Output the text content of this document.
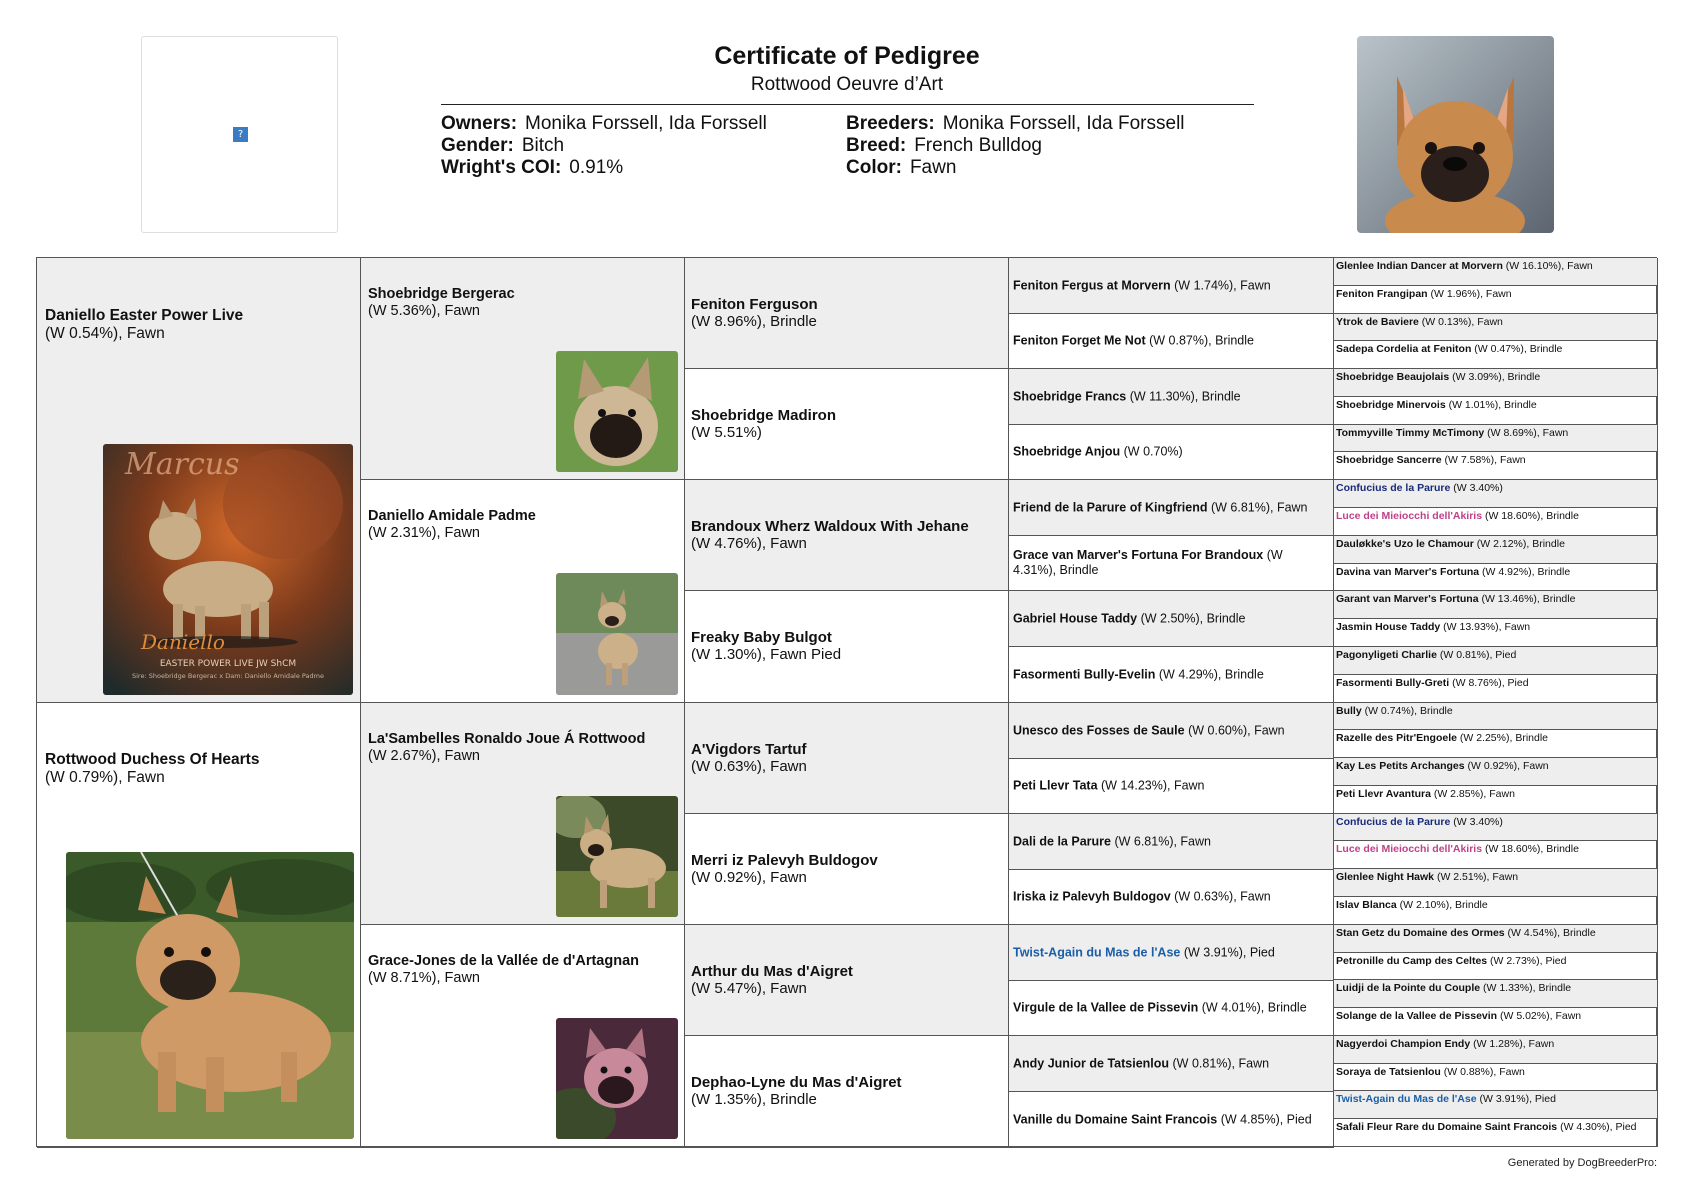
?
Certificate of Pedigree
Rottwood Oeuvre d’Art
Owners: Monika Forssell, Ida Forssell
Gender: Bitch
Wright's COI: 0.91%
Breeders: Monika Forssell, Ida Forssell
Breed: French Bulldog
Color: Fawn
Daniello Easter Power Live
(W 0.54%), Fawn
Marcus
Daniello
EASTER POWER LIVE JW ShCM
Sire: Shoebridge Bergerac x Dam: Daniello Amidale Padme
Rottwood Duchess Of Hearts
(W 0.79%), Fawn
Shoebridge Bergerac
(W 5.36%), Fawn
Daniello Amidale Padme
(W 2.31%), Fawn
La'Sambelles Ronaldo Joue Á Rottwood
(W 2.67%), Fawn
Grace-Jones de la Vallée de d'Artagnan
(W 8.71%), Fawn
Feniton Ferguson
(W 8.96%), Brindle
Shoebridge Madiron
(W 5.51%)
Brandoux Wherz Waldoux With Jehane
(W 4.76%), Fawn
Freaky Baby Bulgot
(W 1.30%), Fawn Pied
A'Vigdors Tartuf
(W 0.63%), Fawn
Merri iz Palevyh Buldogov
(W 0.92%), Fawn
Arthur du Mas d'Aigret
(W 5.47%), Fawn
Dephao-Lyne du Mas d'Aigret
(W 1.35%), Brindle
Feniton Fergus at Morvern (W 1.74%), Fawn
Feniton Forget Me Not (W 0.87%), Brindle
Shoebridge Francs (W 11.30%), Brindle
Shoebridge Anjou (W 0.70%)
Friend de la Parure of Kingfriend (W 6.81%), Fawn
Grace van Marver's Fortuna For Brandoux (W 4.31%), Brindle
Gabriel House Taddy (W 2.50%), Brindle
Fasormenti Bully-Evelin (W 4.29%), Brindle
Unesco des Fosses de Saule (W 0.60%), Fawn
Peti Llevr Tata (W 14.23%), Fawn
Dali de la Parure (W 6.81%), Fawn
Iriska iz Palevyh Buldogov (W 0.63%), Fawn
Twist-Again du Mas de l'Ase (W 3.91%), Pied
Virgule de la Vallee de Pissevin (W 4.01%), Brindle
Andy Junior de Tatsienlou (W 0.81%), Fawn
Vanille du Domaine Saint Francois (W 4.85%), Pied
Glenlee Indian Dancer at Morvern (W 16.10%), Fawn
Feniton Frangipan (W 1.96%), Fawn
Ytrok de Baviere (W 0.13%), Fawn
Sadepa Cordelia at Feniton (W 0.47%), Brindle
Shoebridge Beaujolais (W 3.09%), Brindle
Shoebridge Minervois (W 1.01%), Brindle
Tommyville Timmy McTimony (W 8.69%), Fawn
Shoebridge Sancerre (W 7.58%), Fawn
Confucius de la Parure (W 3.40%)
Luce dei Mieiocchi dell'Akiris (W 18.60%), Brindle
Dauløkke's Uzo le Chamour (W 2.12%), Brindle
Davina van Marver's Fortuna (W 4.92%), Brindle
Garant van Marver's Fortuna (W 13.46%), Brindle
Jasmin House Taddy (W 13.93%), Fawn
Pagonyligeti Charlie (W 0.81%), Pied
Fasormenti Bully-Greti (W 8.76%), Pied
Bully (W 0.74%), Brindle
Razelle des Pitr'Engoele (W 2.25%), Brindle
Kay Les Petits Archanges (W 0.92%), Fawn
Peti Llevr Avantura (W 2.85%), Fawn
Confucius de la Parure (W 3.40%)
Luce dei Mieiocchi dell'Akiris (W 18.60%), Brindle
Glenlee Night Hawk (W 2.51%), Fawn
Islav Blanca (W 2.10%), Brindle
Stan Getz du Domaine des Ormes (W 4.54%), Brindle
Petronille du Camp des Celtes (W 2.73%), Pied
Luidji de la Pointe du Couple (W 1.33%), Brindle
Solange de la Vallee de Pissevin (W 5.02%), Fawn
Nagyerdoi Champion Endy (W 1.28%), Fawn
Soraya de Tatsienlou (W 0.88%), Fawn
Twist-Again du Mas de l'Ase (W 3.91%), Pied
Safali Fleur Rare du Domaine Saint Francois (W 4.30%), Pied
Generated by DogBreederPro:
